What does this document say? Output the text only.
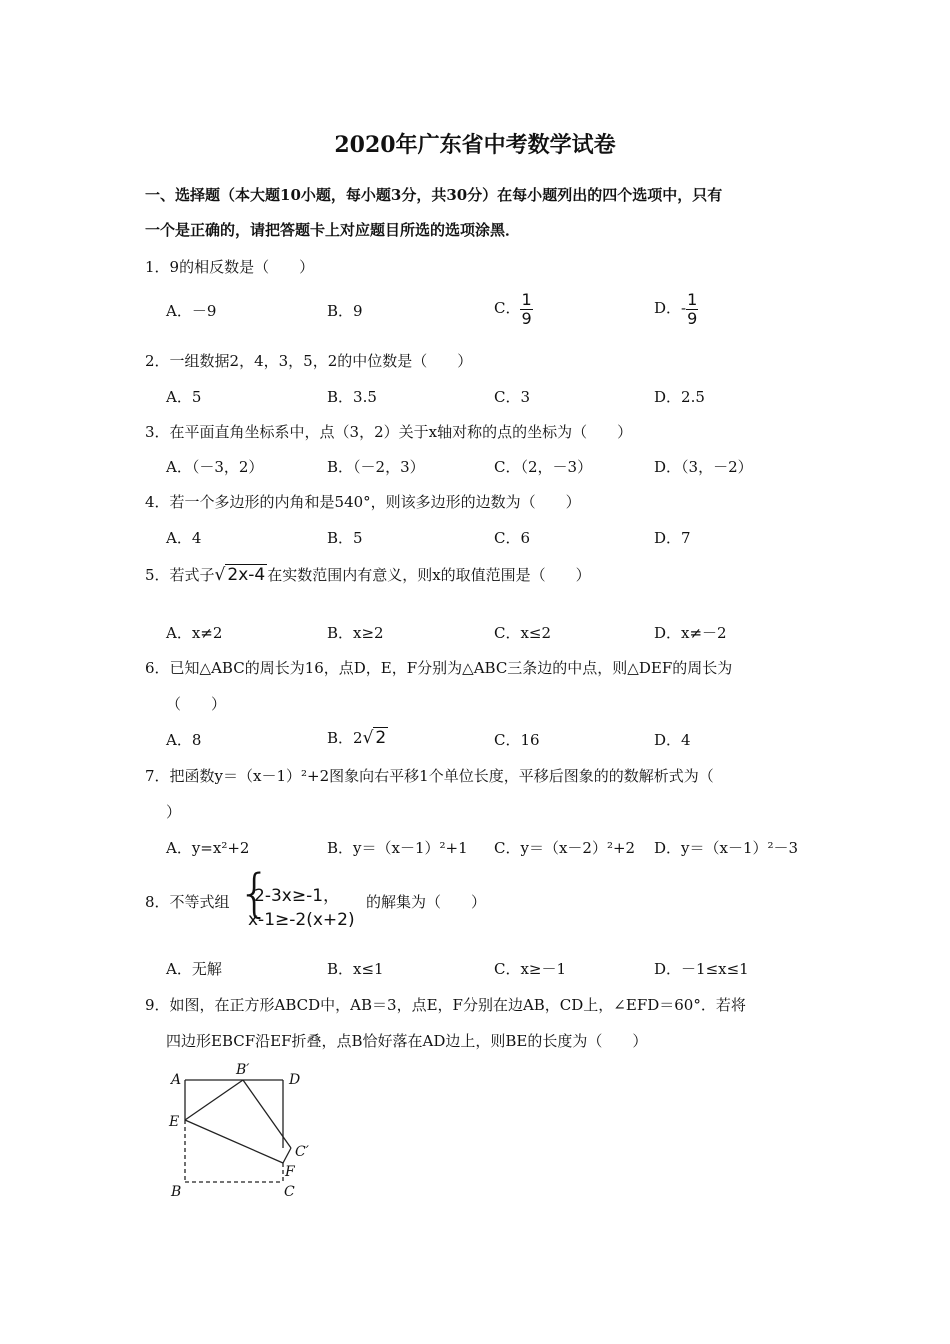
2020年广东省中考数学试卷
一、选择题（本大题10小题，每小题3分，共30分）在每小题列出的四个选项中，只有
一个是正确的，请把答题卡上对应题目所选的选项涂黑．
1．9的相反数是（　　）
A．－9	B．9	C． $\frac{1}{9}$	D．- $\frac{1}{9}$
2．一组数据2，4，3，5，2的中位数是（　　）
A．5	B．3.5	C．3	D．2.5
3．在平面直角坐标系中，点（3，2）关于x轴对称的点的坐标为（　　）
A．（－3，2）	B．（－2，3）	C．（2，－3）	D．（3，－2）
4．若一个多边形的内角和是540°，则该多边形的边数为（　　）
A．4	B．5	C．6	D．7
5．若式子√ 2x-4 在实数范围内有意义，则x的取值范围是（　　）
A．x≠2	B．x≥2	C．x≤2	D．x≠－2
6．已知△ABC的周长为16，点D，E，F分别为△ABC三条边的中点，则△DEF的周长为
（　　）
A．8	B．2√ 2	C．16	D．4
7．把函数y＝（x－1）²+2图象向右平移1个单位长度，平移后图象的的数解析式为（
）
A．y=x²+2	B．y＝（x－1）²+1 C．y＝（x－2）²+2 D．y＝（x－1）²－3
8．不等式组 {
2-3x≥-1，
x-1≥-2(x+2)
的解集为（　　）
A．无解	B．x≤1	C．x≥－1	D．－1≤x≤1
9．如图，在正方形ABCD中，AB＝3，点E，F分别在边AB，CD上，∠EFD＝60°．若将
四边形EBCF沿EF折叠，点B恰好落在AD边上，则BE的长度为（　　）
A
B′
D
E
C′
F
B	C
